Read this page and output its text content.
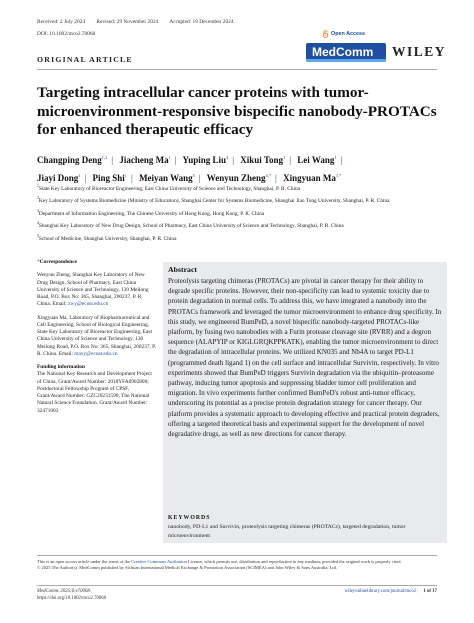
Received: 2 July 2024 Revised: 29 November 2024 Accepted: 19 December 2024
DOI: 10.1002/mco2.70068
ORIGINAL ARTICLE
Open Access
MedComm WILEY
Targeting intracellular cancer proteins with tumor-microenvironment-responsive bispecific nanobody-PROTACs for enhanced therapeutic efficacy
Changping Deng$^{1,2}$ | Jiacheng Ma$^1$ | Yuping Liu$^4$ | Xikui Tong$^1$ | Lei Wang$^1$ |
Jiayi Dong$^1$ | Ping Shi$^1$ | Meiyan Wang$^5$ | Wenyun Zheng$^{4,*}$ | Xingyuan $Ma^{1,*}$

$^1$State Key Laboratory of Bioreactor Engineering, East China University of Science and Technology, Shanghai, P. R. China

$^2$Key Laboratory of Systems Biomedicine (Ministry of Education), Shanghai Center for Systems Biomedicine, Shanghai Jiao Tong University, Shanghai, P. R. China

$^3$Department of Information Engineering, The Chinese University of Hong Kong, Hong Kong, P. R. China

$^4$Shanghai Key Laboratory of New Drug Design, School of Pharmacy, East China University of Science and Technology, Shanghai, P. R. China

$^5$School of Medicine, Shanghai University, Shanghai, P. R. China

*Correspondence

Wenyun Zheng, Shanghai Key Laboratory of New Drug Design, School of Pharmacy, East China University of Science and Technology, 130 Meilong Road, P.O. Box No: 365, Shanghai, 200237, P. R. China. Email: zwy@ecust.edu.cn

Xingyuan Ma, Laboratory of Biopharmaceutical and Cell Engineering, School of Biological Engineering, State Key Laboratory of Bioreactor Engineering, East China University of Science and Technology, 130 Meilong Road, P.O. Box No: 365, Shanghai, 200237, P. R. China. Email: maxy@ecust.edu.cn

Funding information

The National Key Research and Development Project of China, Grant/Award Number: 2018YFA0902800; Postdoctoral Fellowship Program of CPSF, Grant/Award Number: GZC20231596; The National Natural Science Foundation, Grant/Award Number: 32471003

Abstract

Proteolysis targeting chimeras (PROTACs) are pivotal in cancer therapy for their ability to degrade specific proteins. However, their non-specificity can lead to systemic toxicity due to protein degradation in normal cells. To address this, we have integrated a nanobody into the PROTACs framework and leveraged the tumor microenvironment to enhance drug specificity. In this study, we engineered BumPeD, a novel bispecific nanobody-targeted PROTACs-like platform, by fusing two nanobodies with a Furin protease cleavage site (RVRR) and a degron sequence (ALAPYIP or KIGLGRQKPPKATK), enabling the tumor microenvironment to direct the degradation of intracellular proteins. We utilized KN035 and Nb4A to target PD-L1 (programmed death ligand 1) on the cell surface and intracellular Survivin, respectively. In vitro experiments showed that BumPeD triggers Survivin degradation via the ubiquitin–proteasome pathway, inducing tumor apoptosis and suppressing bladder tumor cell proliferation and migration. In vivo experiments further confirmed BumPeD's robust anti-tumor efficacy, underscoring its potential as a precise protein degradation strategy for cancer therapy. Our platform provides a systematic approach to developing effective and practical protein degraders, offering a targeted theoretical basis and experimental support for the development of novel degradative drugs, as well as new directions for cancer therapy.

KEYWORDS

nanobody, PD-L1 and Survivin, proteolysis targeting chimeras (PROTACs), targeted degradation, tumor microenvironment

This is an open access article under the terms of the Creative Commons Attribution License, which permits use, distribution and reproduction in any medium, provided the original work is properly cited.
© 2025 The Author(s). MedComm published by Sichuan International Medical Exchange & Promotion Association (SCIMEA) and John Wiley & Sons Australia, Ltd.
MedComm. 2025;6:e70068.
https://doi.org/10.1002/mco2.70068
wileyonlinelibrary.com/journal/mco2 | 1 of 17
